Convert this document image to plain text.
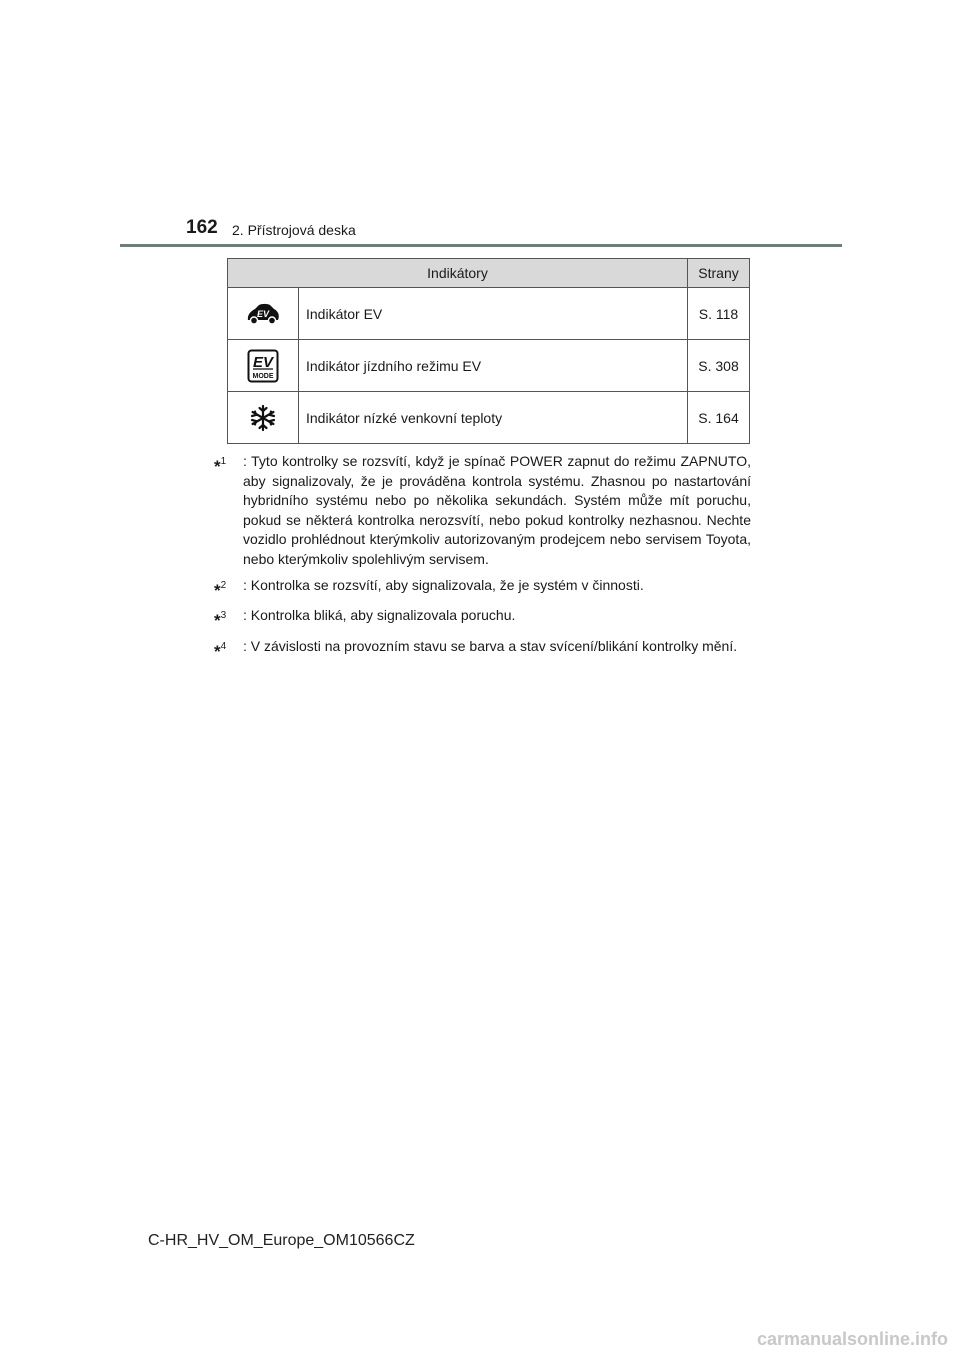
162 2. Přístrojová deska
Indikátory		Strany

EV	Indikátor EV	S. 118

EV
MODE	Indikátor jízdního režimu EV	S. 308

	Indikátor nízké venkovní teploty	S. 164
*$^1$	: Tyto kontrolky se rozsvítí, když je spínač POWER zapnut do režimu ZAPNUTO, aby signalizovaly, že je prováděna kontrola systému. Zhasnou po nastartování hybridního systému nebo po několika sekundách. Systém může mít poruchu, pokud se některá kontrolka nerozsvítí, nebo pokud kontrolky nezhasnou. Nechte vozidlo prohlédnout kterýmkoliv autorizovaným prodejcem nebo servisem Toyota, nebo kterýmkoliv spolehlivým servisem.
*$^2$	: Kontrolka se rozsvítí, aby signalizovala, že je systém v činnosti.
*$^3$	: Kontrolka bliká, aby signalizovala poruchu.
*$^4$	: V závislosti na provozním stavu se barva a stav svícení/blikání kontrolky mění.
C-HR_HV_OM_Europe_OM10566CZ
carmanualsonline.info
